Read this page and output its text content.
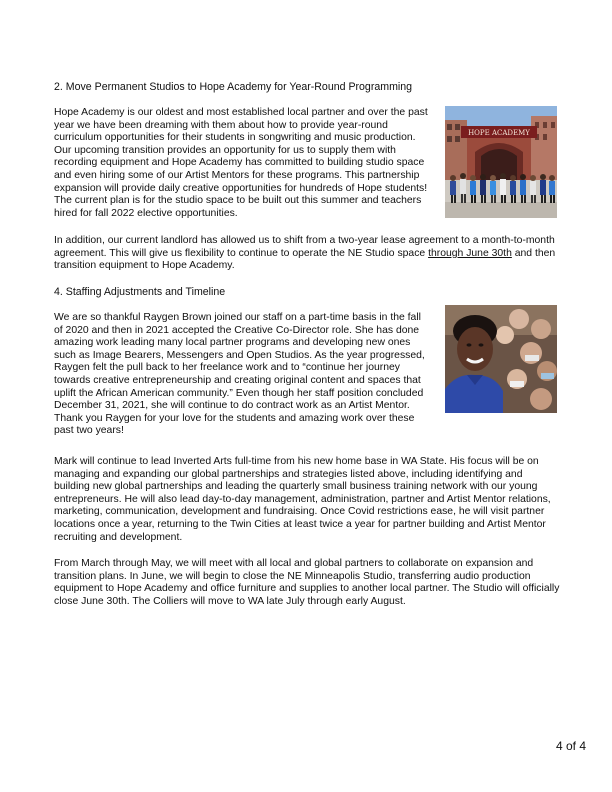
2. Move Permanent Studios to Hope Academy for Year-Round Programming

Hope Academy is our oldest and most established local partner and over the past year we have been dreaming with them about how to provide year-round curriculum opportunities for their students in songwriting and music production. Our upcoming transition provides an opportunity for us to supply them with recording equipment and Hope Academy has committed to building studio space and even hiring some of our Artist Mentors for these programs. This partnership expansion will provide daily creative opportunities for hundreds of Hope students! The current plan is for the studio space to be built out this summer and teachers hired for fall 2022 elective opportunities.

HOPE ACADEMY

In addition, our current landlord has allowed us to shift from a two-year lease agreement to a month-to-month agreement. This will give us flexibility to continue to operate the NE Studio space through June 30th and then transition equipment to Hope Academy.

4. Staffing Adjustments and Timeline

We are so thankful Raygen Brown joined our staff on a part-time basis in the fall of 2020 and then in 2021 accepted the Creative Co-Director role. She has done amazing work leading many local partner programs and developing new ones such as Image Bearers, Messengers and Open Studios. As the year progressed, Raygen felt the pull back to her freelance work and to “continue her journey towards creative entrepreneurship and creating original content and spaces that uplift the African American community.” Even though her staff position concluded December 31, 2021, she will continue to do contract work as an Artist Mentor. Thank you Raygen for your love for the students and amazing work over these past two years!

Mark will continue to lead Inverted Arts full-time from his new home base in WA State. His focus will be on managing and expanding our global partnerships and strategies listed above, including identifying and building new global partnerships and leading the quarterly small business training network with our young entrepreneurs. He will also lead day-to-day management, administration, partner and Artist Mentor relations, marketing, communication, development and fundraising. Once Covid restrictions ease, he will visit partner locations once a year, returning to the Twin Cities at least twice a year for partner building and Artist Mentor recruiting and development.

From March through May, we will meet with all local and global partners to collaborate on expansion and transition plans. In June, we will begin to close the NE Minneapolis Studio, transferring audio production equipment to Hope Academy and office furniture and supplies to another local partner. The Studio will officially close June 30th. The Colliers will move to WA late July through early August.

4 of 4
